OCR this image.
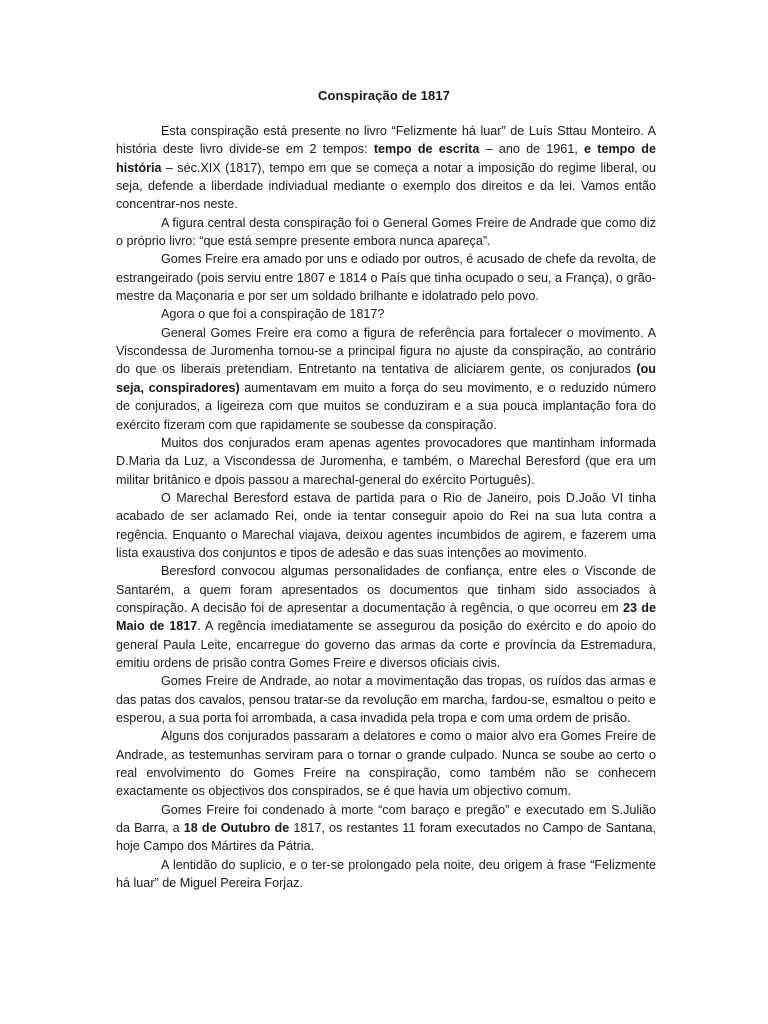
Conspiração de 1817

Esta conspiração está presente no livro “Felizmente há luar” de Luís Sttau Monteiro. A história deste livro divide-se em 2 tempos: tempo de escrita – ano de 1961, e tempo de história – séc.XIX (1817), tempo em que se começa a notar a imposição do regime liberal, ou seja, defende a liberdade indiviadual mediante o exemplo dos direitos e da lei. Vamos então concentrar-nos neste.

A figura central desta conspiração foi o General Gomes Freire de Andrade que como diz o próprio livro: “que está sempre presente embora nunca apareça”.

Gomes Freire era amado por uns e odiado por outros, é acusado de chefe da revolta, de estrangeirado (pois serviu entre 1807 e 1814 o País que tinha ocupado o seu, a França), o grão-mestre da Maçonaria e por ser um soldado brilhante e idolatrado pelo povo.

Agora o que foi a conspiração de 1817?

General Gomes Freire era como a figura de referência para fortalecer o movimento. A Viscondessa de Juromenha tornou-se a principal figura no ajuste da conspiração, ao contrário do que os liberais pretendiam. Entretanto na tentativa de aliciarem gente, os conjurados (ou seja, conspiradores) aumentavam em muito a força do seu movimento, e o reduzido número de conjurados, a ligeireza com que muitos se conduziram e a sua pouca implantação fora do exército fizeram com que rapidamente se soubesse da conspiração.

Muitos dos conjurados eram apenas agentes provocadores que mantinham informada D.Maria da Luz, a Viscondessa de Juromenha, e também, o Marechal Beresford (que era um militar britânico e dpois passou a marechal-general do exército Português).

O Marechal Beresford estava de partida para o Rio de Janeiro, pois D.João VI tinha acabado de ser aclamado Rei, onde ia tentar conseguir apoio do Rei na sua luta contra a regência. Enquanto o Marechal viajava, deixou agentes incumbidos de agirem, e fazerem uma lista exaustiva dos conjuntos e tipos de adesão e das suas intenções ao movimento.

Beresford convocou algumas personalidades de confiança, entre eles o Visconde de Santarém, a quem foram apresentados os documentos que tinham sido associados à conspiração. A decisão foi de apresentar a documentação à regência, o que ocorreu em 23 de Maio de 1817. A regência imediatamente se assegurou da posição do exército e do apoio do general Paula Leite, encarregue do governo das armas da corte e província da Estremadura, emitiu ordens de prisão contra Gomes Freire e diversos oficiais civis.

Gomes Freire de Andrade, ao notar a movimentação das tropas, os ruídos das armas e das patas dos cavalos, pensou tratar-se da revolução em marcha, fardou-se, esmaltou o peito e esperou, a sua porta foi arrombada, a casa invadida pela tropa e com uma ordem de prisão.

Alguns dos conjurados passaram a delatores e como o maior alvo era Gomes Freire de Andrade, as testemunhas serviram para o tornar o grande culpado. Nunca se soube ao certo o real envolvimento do Gomes Freire na conspiração, como também não se conhecem exactamente os objectivos dos conspirados, se é que havia um objectivo comum.

Gomes Freire foi condenado à morte “com baraço e pregão” e executado em S.Julião da Barra, a 18 de Outubro de 1817, os restantes 11 foram executados no Campo de Santana, hoje Campo dos Mártires da Pátria.

A lentidão do suplicio, e o ter-se prolongado pela noite, deu origem à frase “Felizmente há luar” de Miguel Pereira Forjaz.
